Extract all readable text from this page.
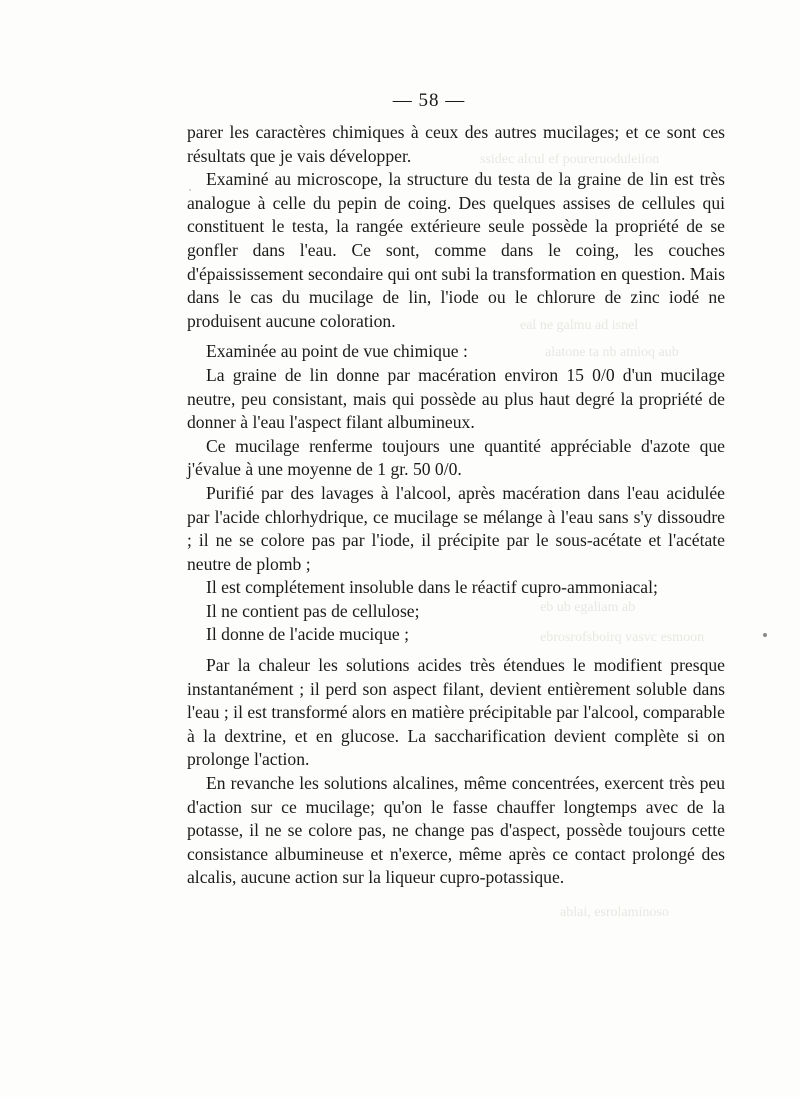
ssidec alcul ef poureruoduleiion
eal ne galmu ad isnel
alatone ta nb atnioq aub
eb ub egaliam ab
ebrosrofsboirq vasvc esmoon
ablai, esrolaminoso
— 58 —

parer les caractères chimiques à ceux des autres mucilages; et ce sont ces résultats que je vais développer.

Examiné au microscope, la structure du testa de la graine de lin est très analogue à celle du pepin de coing. Des quelques assises de cellules qui constituent le testa, la rangée extérieure seule possède la propriété de se gonfler dans l'eau. Ce sont, comme dans le coing, les couches d'épaississement secondaire qui ont subi la transformation en question. Mais dans le cas du mucilage de lin, l'iode ou le chlorure de zinc iodé ne produisent aucune coloration.

Examinée au point de vue chimique :

La graine de lin donne par macération environ 15 0/0 d'un mucilage neutre, peu consistant, mais qui possède au plus haut degré la propriété de donner à l'eau l'aspect filant albumineux.

Ce mucilage renferme toujours une quantité appréciable d'azote que j'évalue à une moyenne de 1 gr. 50 0/0.

Purifié par des lavages à l'alcool, après macération dans l'eau acidulée par l'acide chlorhydrique, ce mucilage se mélange à l'eau sans s'y dissoudre ; il ne se colore pas par l'iode, il précipite par le sous-acétate et l'acétate neutre de plomb ;

Il est complétement insoluble dans le réactif cupro-ammoniacal;

Il ne contient pas de cellulose;

Il donne de l'acide mucique ;

Par la chaleur les solutions acides très étendues le modifient presque instantanément ; il perd son aspect filant, devient entièrement soluble dans l'eau ; il est transformé alors en matière précipitable par l'alcool, comparable à la dextrine, et en glucose. La saccharification devient complète si on prolonge l'action.

En revanche les solutions alcalines, même concentrées, exercent très peu d'action sur ce mucilage; qu'on le fasse chauffer longtemps avec de la potasse, il ne se colore pas, ne change pas d'aspect, possède toujours cette consistance albumineuse et n'exerce, même après ce contact prolongé des alcalis, aucune action sur la liqueur cupro-potassique.
